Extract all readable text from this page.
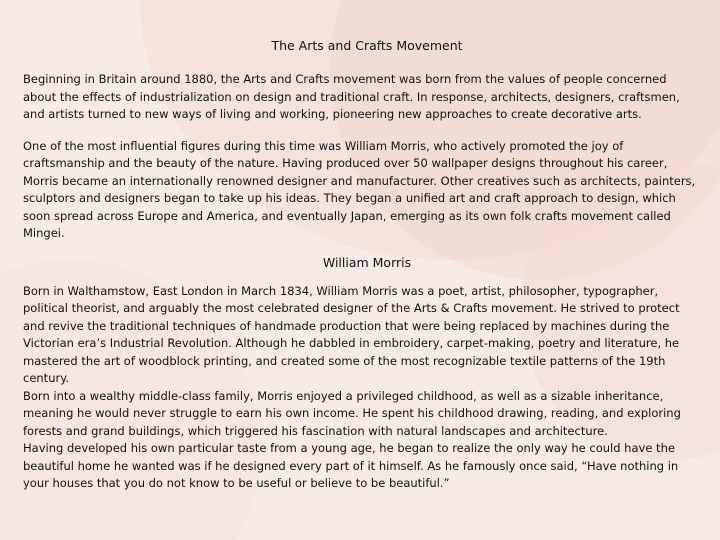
The Arts and Crafts Movement

Beginning in Britain around 1880, the Arts and Crafts movement was born from the values of people concerned about the effects of industrialization on design and traditional craft. In response, architects, designers, craftsmen, and artists turned to new ways of living and working, pioneering new approaches to create decorative arts.

One of the most influential figures during this time was William Morris, who actively promoted the joy of craftsmanship and the beauty of the nature. Having produced over 50 wallpaper designs throughout his career, Morris became an internationally renowned designer and manufacturer. Other creatives such as architects, painters, sculptors and designers began to take up his ideas. They began a unified art and craft approach to design, which soon spread across Europe and America, and eventually Japan, emerging as its own folk crafts movement called Mingei.

William Morris

Born in Walthamstow, East London in March 1834, William Morris was a poet, artist, philosopher, typographer, political theorist, and arguably the most celebrated designer of the Arts & Crafts movement. He strived to protect and revive the traditional techniques of handmade production that were being replaced by machines during the Victorian era’s Industrial Revolution. Although he dabbled in embroidery, carpet-making, poetry and literature, he mastered the art of woodblock printing, and created some of the most recognizable textile patterns of the 19th century.

Born into a wealthy middle-class family, Morris enjoyed a privileged childhood, as well as a sizable inheritance, meaning he would never struggle to earn his own income. He spent his childhood drawing, reading, and exploring forests and grand buildings, which triggered his fascination with natural landscapes and architecture.

Having developed his own particular taste from a young age, he began to realize the only way he could have the beautiful home he wanted was if he designed every part of it himself. As he famously once said, “Have nothing in your houses that you do not know to be useful or believe to be beautiful.”
